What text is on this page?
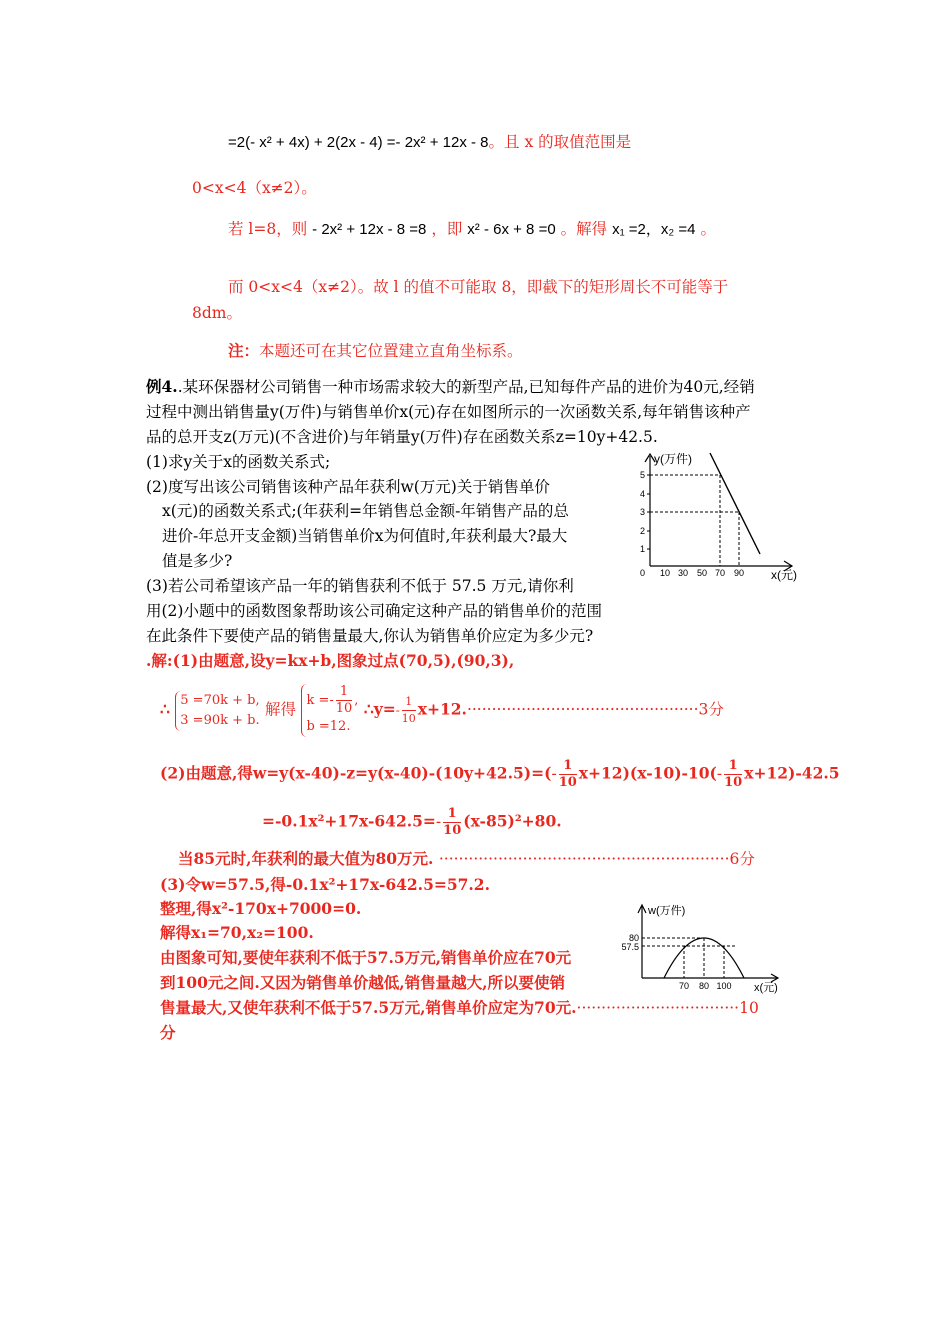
=2(- x² + 4x) + 2(2x - 4) =- 2x² + 12x - 8。且 x 的取值范围是
0<x<4（x≠2）。
若 l=8，则 - 2x² + 12x - 8 =8 ，即 x² - 6x + 8 =0 。解得 x₁ =2，x₂ =4 。
而 0<x<4（x≠2）。故 l 的值不可能取 8，即截下的矩形周长不可能等于
8dm。
注：本题还可在其它位置建立直角坐标系。
例4..某环保器材公司销售一种市场需求较大的新型产品,已知每件产品的进价为40元,经销
过程中测出销售量y(万件)与销售单价x(元)存在如图所示的一次函数关系,每年销售该种产
品的总开支z(万元)(不含进价)与年销量y(万件)存在函数关系z=10y+42.5.
(1)求y关于x的函数关系式;
(2)度写出该公司销售该种产品年获利w(万元)关于销售单价
x(元)的函数关系式;(年获利=年销售总金额-年销售产品的总
进价-年总开支金额)当销售单价x为何值时,年获利最大?最大
值是多少?
(3)若公司希望该产品一年的销售获利不低于 57.5 万元,请你利
用(2)小题中的函数图象帮助该公司确定这种产品的销售单价的范围
在此条件下要使产品的销售量最大,你认为销售单价应定为多少元?
y(万件)
x(元)
0 10 30 50 70 90
5
4
3
2
1
.解:(1)由题意,设y=kx+b,图象过点(70,5),(90,3),
∴ 5 =70k + b,
3 =90k + b.
解得 $k =- \frac{1}{10}$ ,
b =12.
∴y=- $\frac{1}{10} x+12.\cdot\cdot\cdot\cdot\cdot\cdot\cdot\cdot\cdot\cdot\cdot\cdot\cdot\cdot\cdot\cdot\cdot\cdot\cdot\cdot\cdot\cdot\cdot\cdot\cdot\cdot\cdot\cdot\cdot\cdot\cdot\cdot\cdot\cdot\cdot\cdot\cdot\cdot\cdot\cdot\cdot\cdot\cdot\cdot\cdot\cdot\cdot 3$分
(2)由题意,得$w=y(x-40)-z=y(x-40)-(10y+42.5)=(- \frac{1}{10} x+12)(x-10)-10(- \frac{1}{10} x+12)-42.5$
$=-0.1x^2+17x-642.5=- \frac{1}{10} (x-85)^2+80$.
当85元时,年获利的最大值为80万元. ···························································6分
(3)令w=57.5,得-0.1x²+17x-642.5=57.2.
整理,得x²-170x+7000=0.
解得x₁=70,x₂=100.
由图象可知,要使年获利不低于57.5万元,销售单价应在70元
到100元之间.又因为销售单价越低,销售量越大,所以要使销
售量最大,又使年获利不低于57.5万元,销售单价应定为70元.·································10
分
w(万件)
x(元)
80
57.5
70 80 100
